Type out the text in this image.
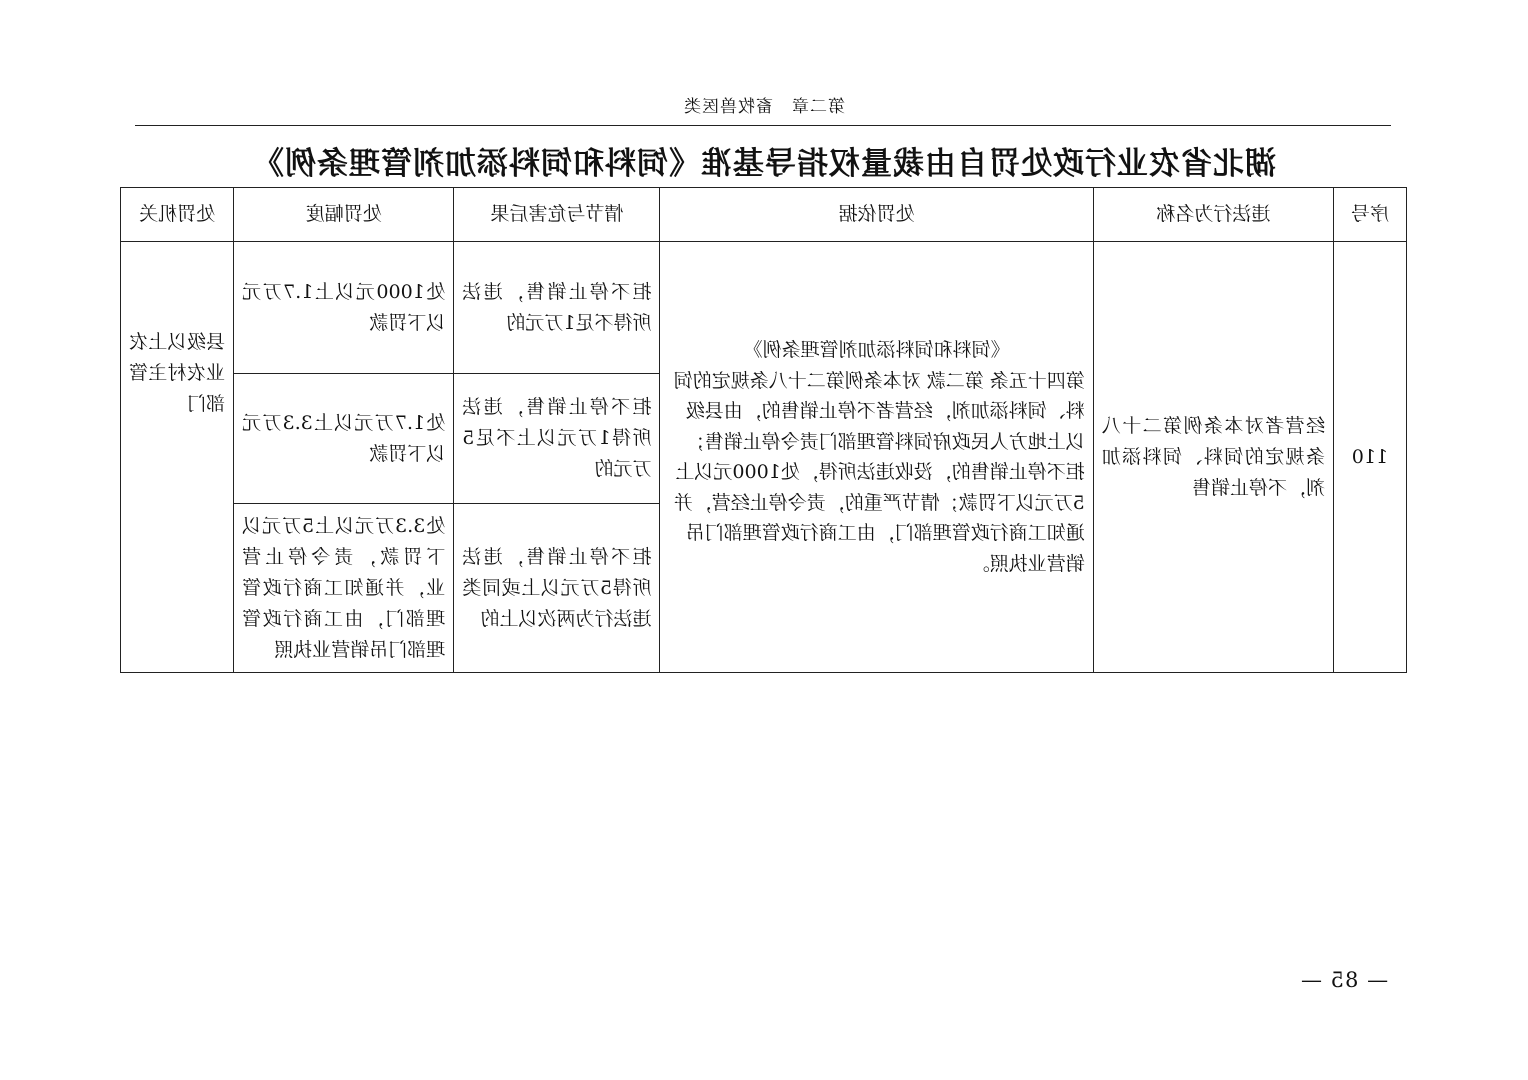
第二章　畜牧兽医类
湖北省农业行政处罚自由裁量权指导基准《饲料和饲料添加剂管理条例》
序号	违法行为名称	处罚依据	情节与危害后果	处罚幅度	处罚机关
110	经营者对本条例第二十八条规定的饲料、饲料添加剂，不停止销售	《饲料和饲料添加剂管理条例》
第四十五条 第二款 对本条例第二十八条规定的饲料、饲料添加剂，经营者不停止销售的，由县级以上地方人民政府饲料管理部门责令停止销售；拒不停止销售的，没收违法所得，处1000元以上5万元以下罚款；情节严重的，责令停止经营，并通知工商行政管理部门，由工商行政管理部门吊销营业执照。	拒不停止销售，违法所得不足1万元的	处1000元以上1.7万元以下罚款	县级以上农业农村主管部门
			拒不停止销售，违法所得1万元以上不足5万元的	处1.7万元以上3.3万元以下罚款	
			拒不停止销售，违法所得5万元以上或同类违法行为两次以上的	处3.3万元以上5万元以下罚款，责令停止营业，并通知工商行政管理部门，由工商行政管理部门吊销营业执照	
— 85 —
